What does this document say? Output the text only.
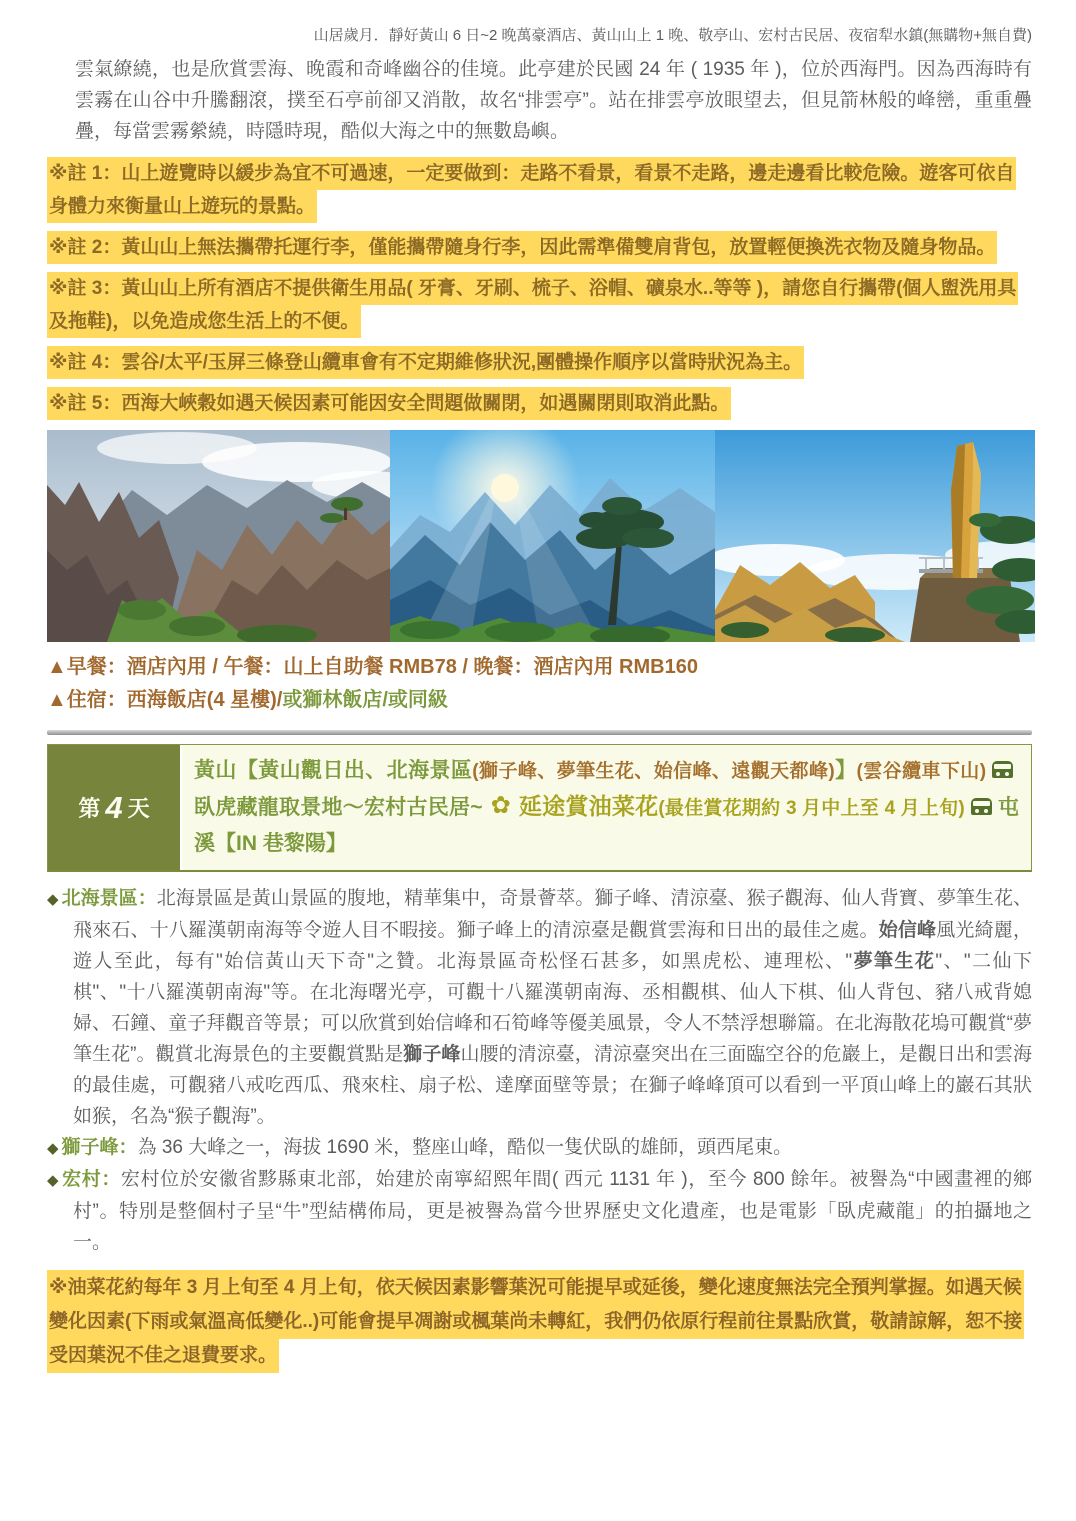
山居歲月．靜好黃山 6 日~2 晚萬豪酒店、黃山山上 1 晚、敬亭山、宏村古民居、夜宿犁水鎮(無購物+無自費)

雲氣繚繞，也是欣賞雲海、晚霞和奇峰幽谷的佳境。此亭建於民國 24 年 ( 1935 年 )，位於西海門。因為西海時有雲霧在山谷中升騰翻滾，撲至石亭前卻又消散，故名“排雲亭”。站在排雲亭放眼望去，但見箭林般的峰巒，重重疊疊，每當雲霧縈繞，時隱時現，酷似大海之中的無數島嶼。

※註 1：山上遊覽時以緩步為宜不可過速，一定要做到：走路不看景，看景不走路，邊走邊看比較危險。遊客可依自身體力來衡量山上遊玩的景點。

※註 2：黃山山上無法攜帶托運行李，僅能攜帶隨身行李，因此需準備雙肩背包，放置輕便換洗衣物及隨身物品。

※註 3：黃山山上所有酒店不提供衛生用品( 牙膏、牙刷、梳子、浴帽、礦泉水..等等 )，請您自行攜帶(個人盥洗用具及拖鞋)，以免造成您生活上的不便。

※註 4：雲谷/太平/玉屏三條登山纜車會有不定期維修狀況,團體操作順序以當時狀況為主。

※註 5：西海大峽穀如遇天候因素可能因安全問題做關閉，如遇關閉則取消此點。

▲早餐：酒店內用 / 午餐：山上自助餐 RMB78 / 晚餐：酒店內用 RMB160
▲住宿：西海飯店(4 星樓)/或獅林飯店/或同級
第 4 天
黃山【黃山觀日出、北海景區(獅子峰、夢筆生花、始信峰、遠觀天都峰)】(雲谷纜車下山)臥虎藏龍取景地～宏村古民居~ ✿延途賞油菜花(最佳賞花期約 3 月中上至 4 月上旬) 屯溪【IN 巷黎陽】

◆ 北海景區：北海景區是黃山景區的腹地，精華集中，奇景薈萃。獅子峰、清涼臺、猴子觀海、仙人背寶、夢筆生花、飛來石、十八羅漢朝南海等令遊人目不暇接。獅子峰上的清涼臺是觀賞雲海和日出的最佳之處。始信峰風光綺麗，遊人至此，每有"始信黃山天下奇"之贊。北海景區奇松怪石甚多，如黑虎松、連理松、"夢筆生花"、"二仙下棋"、"十八羅漢朝南海"等。在北海曙光亭，可觀十八羅漢朝南海、丞相觀棋、仙人下棋、仙人背包、豬八戒背媳婦、石鐘、童子拜觀音等景；可以欣賞到始信峰和石筍峰等優美風景，令人不禁浮想聯篇。在北海散花塢可觀賞“夢筆生花”。觀賞北海景色的主要觀賞點是獅子峰山腰的清涼臺，清涼臺突出在三面臨空谷的危巖上，是觀日出和雲海的最佳處，可觀豬八戒吃西瓜、飛來柱、扇子松、達摩面壁等景；在獅子峰峰頂可以看到一平頂山峰上的巖石其狀如猴，名為“猴子觀海”。

◆ 獅子峰：為 36 大峰之一，海拔 1690 米，整座山峰，酷似一隻伏臥的雄師，頭西尾東。

◆ 宏村：宏村位於安徽省黟縣東北部，始建於南寧紹熙年間( 西元 1131 年 )，至今 800 餘年。被譽為“中國畫裡的鄉村”。特別是整個村子呈“牛”型結構佈局，更是被譽為當今世界歷史文化遺產，也是電影「臥虎藏龍」的拍攝地之一。

※油菜花約每年 3 月上旬至 4 月上旬，依天候因素影響葉況可能提早或延後，變化速度無法完全預判掌握。如遇天候變化因素(下雨或氣溫高低變化..)可能會提早凋謝或楓葉尚未轉紅，我們仍依原行程前往景點欣賞，敬請諒解，恕不接受因葉況不佳之退費要求。
